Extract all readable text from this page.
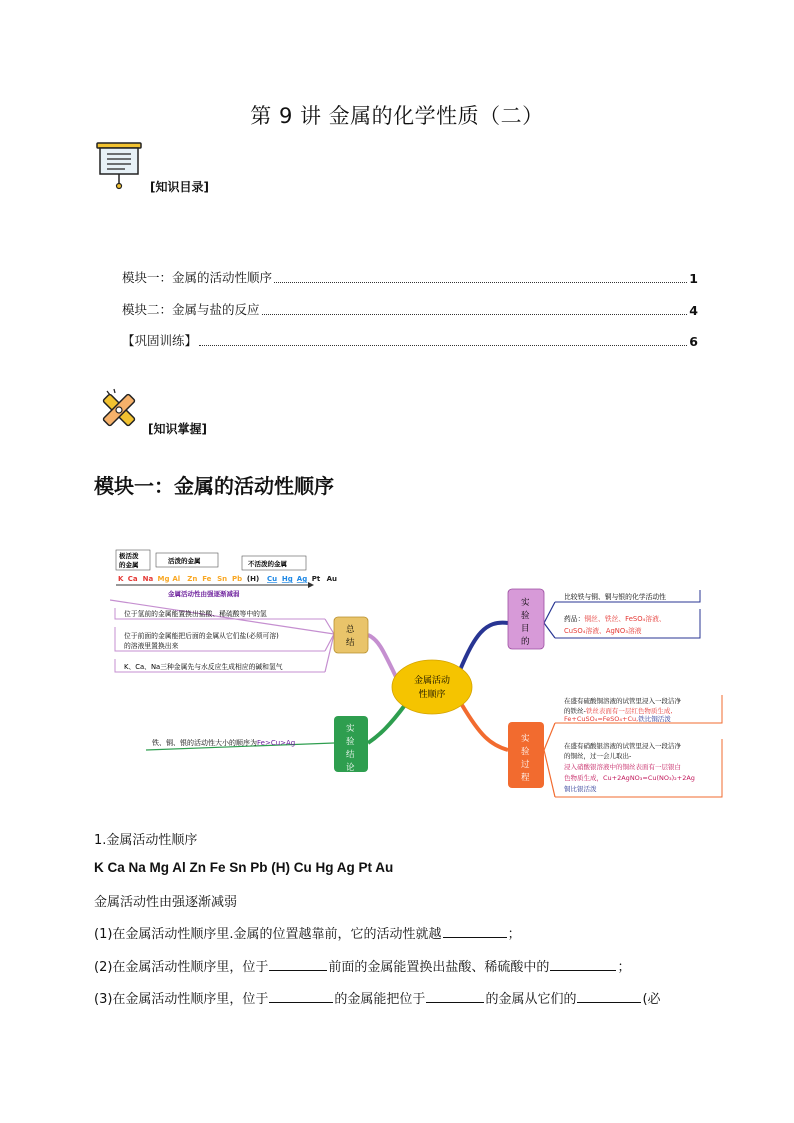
第 9 讲 金属的化学性质（二）
[知识目录]
模块一：金属的活动性顺序	1
模块二：金属与盐的反应	4
【巩固训练】	6
[知识掌握]
模块一：金属的活动性顺序
极活泼
的金属	活泼的金属	不活泼的金属
K Ca Na Mg Al Zn Fe Sn Pb (H) Cu Hg Ag Pt Au
金属活动性由强逐渐减弱
总
结
位于氢前的金属能置换出盐酸、稀硫酸等中的氢
位于前面的金属能把后面的金属从它们盐(必须可溶)
的溶液里置换出来
K、Ca、Na三种金属先与水反应生成相应的碱和氢气
实
验
结
论
铁、铜、银的活动性大小的顺序为Fe>Cu>Ag
实
验
目
的
比较铁与铜、铜与银的化学活动性
药品：铜丝、铁丝、FeSO₄溶液、
CuSO₄溶液、AgNO₃溶液
实
验
过
程
在盛有硫酸铜溶液的试管里浸入一段洁净
的铁丝-铁丝表面有一层红色物质生成,
Fe+CuSO₄=FeSO₄+Cu,铁比铜活泼
在盛有硝酸银溶液的试管里浸入一段洁净
的铜丝，过一会儿取出-
浸入硝酸银溶液中的铜丝表面有一层银白
色物质生成，Cu+2AgNO₃=Cu(NO₃)₂+2Ag
铜比银活泼
金属活动
性顺序
1.金属活动性顺序
K Ca Na Mg Al Zn Fe Sn Pb (H) Cu Hg Ag Pt Au
金属活动性由强逐渐减弱
(1)在金属活动性顺序里.金属的位置越靠前，它的活动性就越	；
(2)在金属活动性顺序里，位于	前面的金属能置换出盐酸、稀硫酸中的	；
(3)在金属活动性顺序里，位于	的金属能把位于	的金属从它们的	(必
